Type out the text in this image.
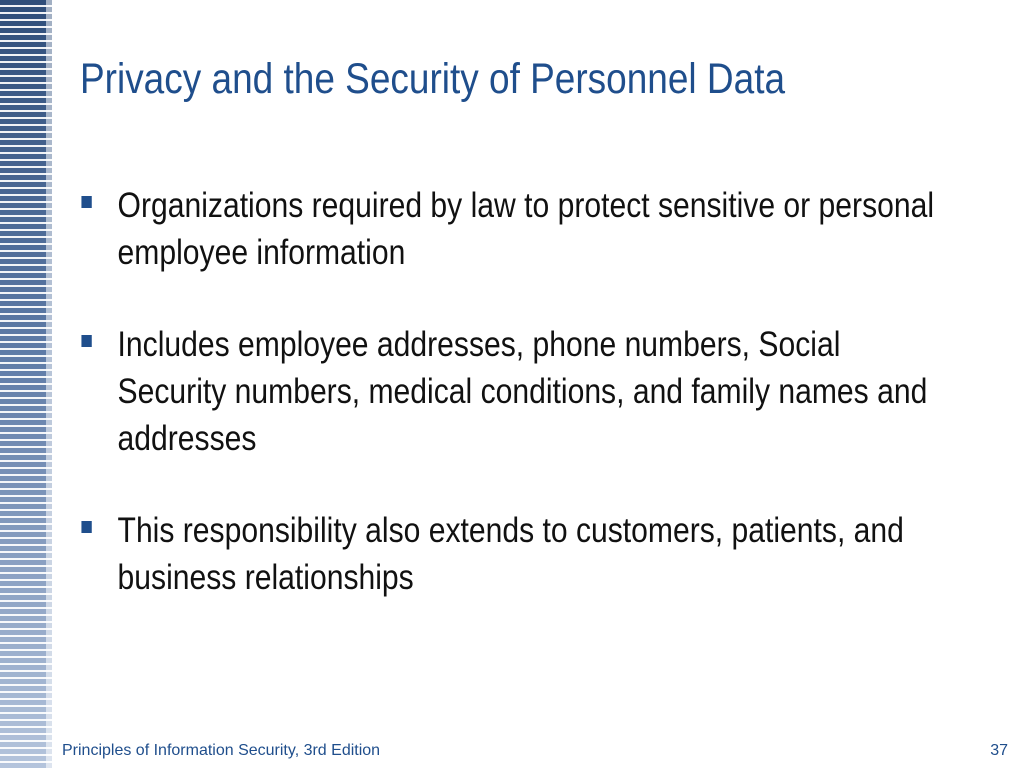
Privacy and the Security of Personnel Data
Organizations required by law to protect sensitive or personal employee information
Includes employee addresses, phone numbers, Social Security numbers, medical conditions, and family names and addresses
This responsibility also extends to customers, patients, and business relationships
Principles of Information Security, 3rd Edition	37
